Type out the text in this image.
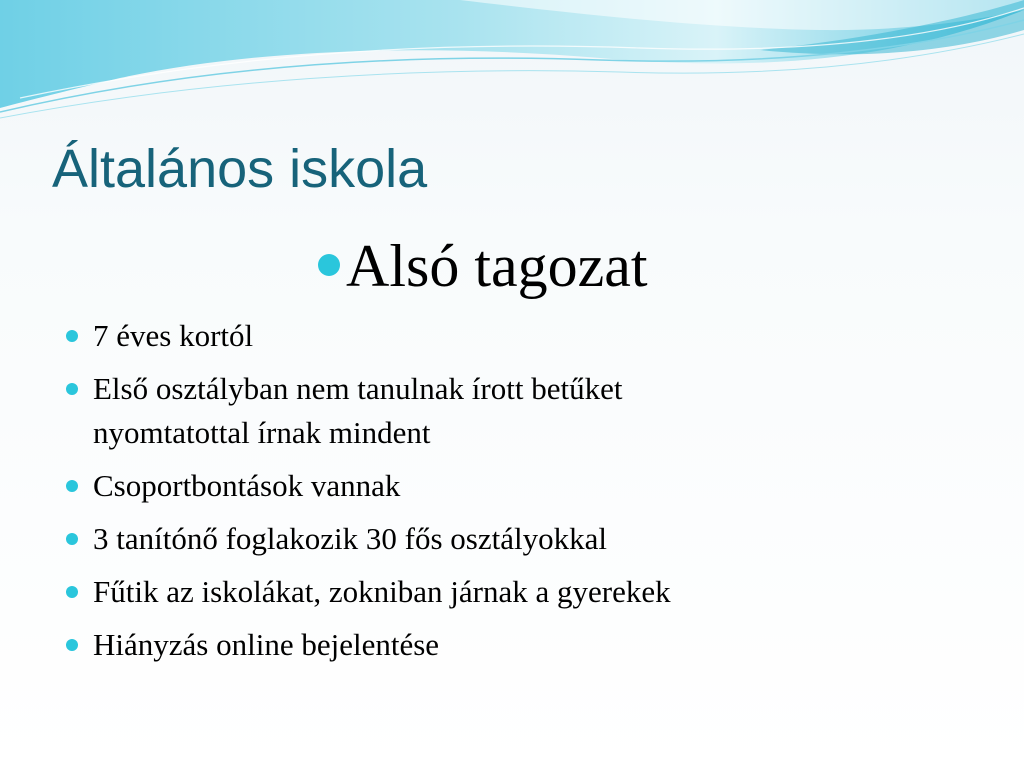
Általános iskola
Alsó tagozat
7 éves kortól
Első osztályban nem tanulnak írott betűket
nyomtatottal írnak mindent
Csoportbontások vannak
3 tanítónő foglakozik 30 fős osztályokkal
Fűtik az iskolákat, zokniban járnak a gyerekek
Hiányzás online bejelentése
